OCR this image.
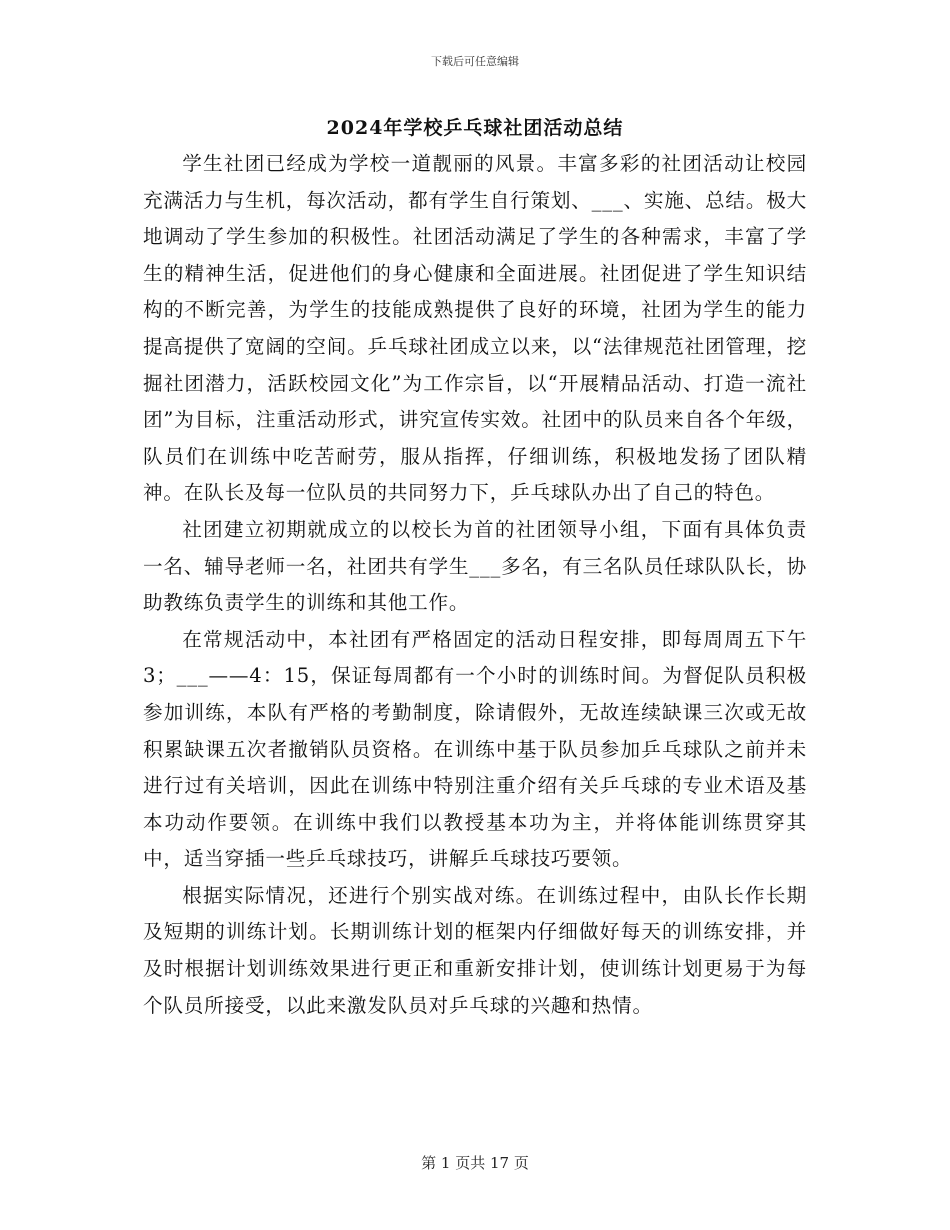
下载后可任意编辑
2024年学校乒乓球社团活动总结

学生社团已经成为学校一道靓丽的风景。丰富多彩的社团活动让校园充满活力与生机，每次活动，都有学生自行策划、___、实施、总结。极大地调动了学生参加的积极性。社团活动满足了学生的各种需求，丰富了学生的精神生活，促进他们的身心健康和全面进展。社团促进了学生知识结构的不断完善，为学生的技能成熟提供了良好的环境，社团为学生的能力提高提供了宽阔的空间。乒乓球社团成立以来，以“法律规范社团管理，挖掘社团潜力，活跃校园文化”为工作宗旨，以“开展精品活动、打造一流社团”为目标，注重活动形式，讲究宣传实效。社团中的队员来自各个年级，队员们在训练中吃苦耐劳，服从指挥，仔细训练，积极地发扬了团队精神。在队长及每一位队员的共同努力下，乒乓球队办出了自己的特色。

社团建立初期就成立的以校长为首的社团领导小组，下面有具体负责一名、辅导老师一名，社团共有学生___多名，有三名队员任球队队长，协助教练负责学生的训练和其他工作。

在常规活动中，本社团有严格固定的活动日程安排，即每周周五下午3；___——4：15，保证每周都有一个小时的训练时间。为督促队员积极参加训练，本队有严格的考勤制度，除请假外，无故连续缺课三次或无故积累缺课五次者撤销队员资格。在训练中基于队员参加乒乓球队之前并未进行过有关培训，因此在训练中特别注重介绍有关乒乓球的专业术语及基本功动作要领。在训练中我们以教授基本功为主，并将体能训练贯穿其中，适当穿插一些乒乓球技巧，讲解乒乓球技巧要领。

根据实际情况，还进行个别实战对练。在训练过程中，由队长作长期及短期的训练计划。长期训练计划的框架内仔细做好每天的训练安排，并及时根据计划训练效果进行更正和重新安排计划，使训练计划更易于为每个队员所接受，以此来激发队员对乒乓球的兴趣和热情。

第 1 页共 17 页
